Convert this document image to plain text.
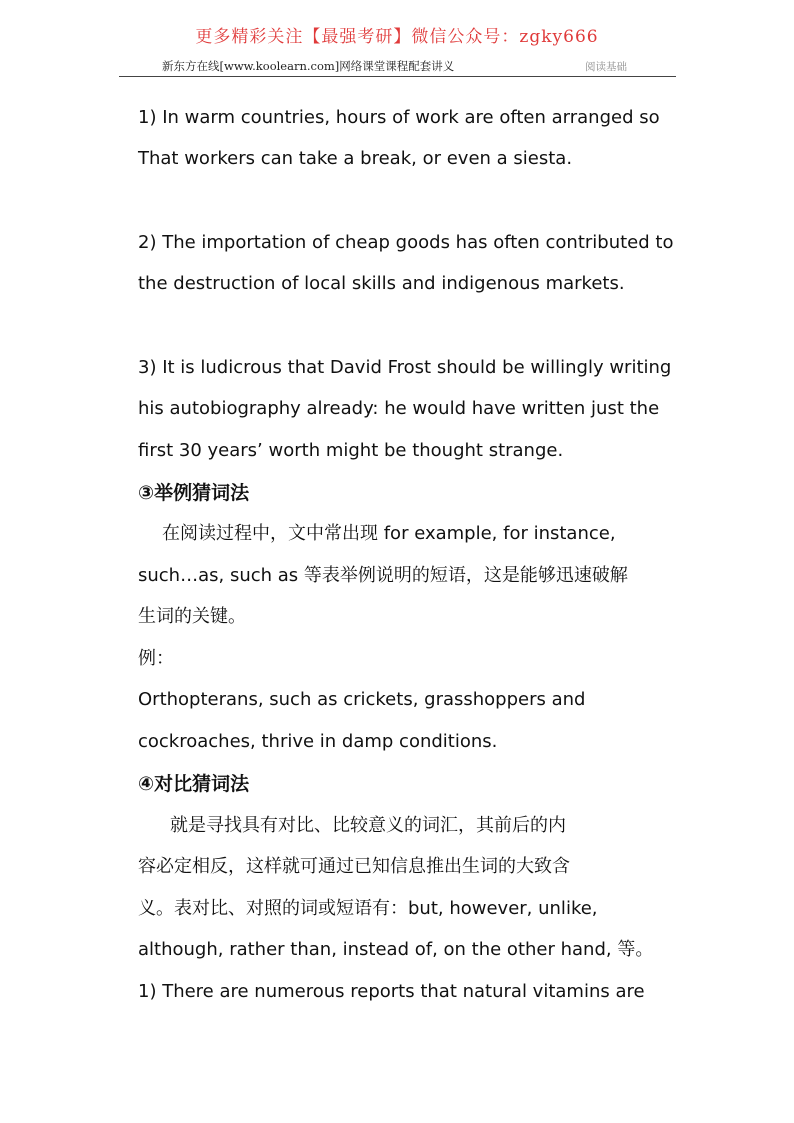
更多精彩关注【最强考研】微信公众号：zgky666
新东方在线[www.koolearn.com]网络课堂课程配套讲义	阅读基础
1) In warm countries, hours of work are often arranged so
That workers can take a break, or even a siesta.
2) The importation of cheap goods has often contributed to
the destruction of local skills and indigenous markets.
3) It is ludicrous that David Frost should be willingly writing
his autobiography already: he would have written just the
first 30 years’ worth might be thought strange.
③举例猜词法
在阅读过程中，文中常出现 for example, for instance,
such…as, such as 等表举例说明的短语，这是能够迅速破解
生词的关键。
例：
Orthopterans, such as crickets, grasshoppers and
cockroaches, thrive in damp conditions.
④对比猜词法
就是寻找具有对比、比较意义的词汇，其前后的内
容必定相反，这样就可通过已知信息推出生词的大致含
义。表对比、对照的词或短语有：but, however, unlike,
although, rather than, instead of, on the other hand, 等。
1) There are numerous reports that natural vitamins are
